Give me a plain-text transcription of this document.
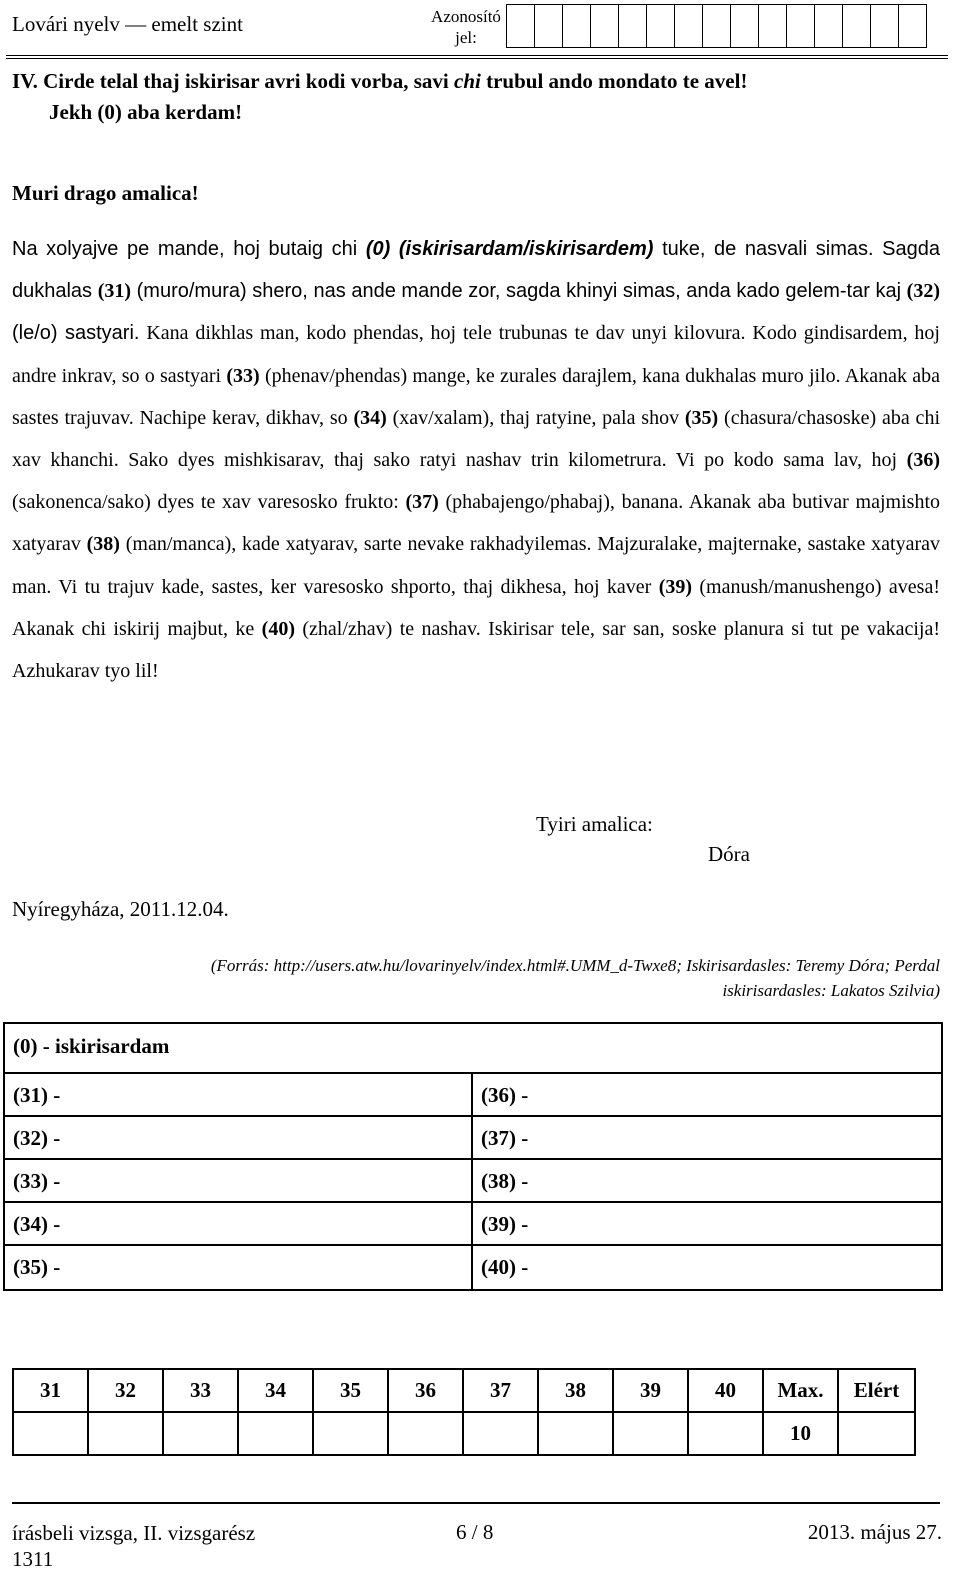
Lovári nyelv — emelt szint	Azonosító
jel:
IV. Cirde telal thaj iskirisar avri kodi vorba, savi chi trubul ando mondato te avel!
Jekh (0) aba kerdam!
Muri drago amalica!

Na xolyajve pe mande, hoj butaig chi (0) (iskirisardam/iskirisardem) tuke, de nasvali simas. Sagda dukhalas (31) (muro/mura) shero, nas ande mande zor, sagda khinyi simas, anda kado gelem-tar kaj (32) (le/o) sastyari. Kana dikhlas man, kodo phendas, hoj tele trubunas te dav unyi kilovura. Kodo gindisardem, hoj andre inkrav, so o sastyari (33) (phenav/phendas) mange, ke zurales darajlem, kana dukhalas muro jilo. Akanak aba sastes trajuvav. Nachipe kerav, dikhav, so (34) (xav/xalam), thaj ratyine, pala shov (35) (chasura/chasoske) aba chi xav khanchi. Sako dyes mishkisarav, thaj sako ratyi nashav trin kilometrura. Vi po kodo sama lav, hoj (36) (sakonenca/sako) dyes te xav varesosko frukto: (37) (phabajengo/phabaj), banana. Akanak aba butivar majmishto xatyarav (38) (man/manca), kade xatyarav, sarte nevake rakhadyilemas. Majzuralake, majternake, sastake xatyarav man. Vi tu trajuv kade, sastes, ker varesosko shporto, thaj dikhesa, hoj kaver (39) (manush/manushengo) avesa! Akanak chi iskirij majbut, ke (40) (zhal/zhav) te nashav. Iskirisar tele, sar san, soske planura si tut pe vakacija! Azhukarav tyo lil!

Tyiri amalica:
Dóra
Nyíregyháza, 2011.12.04.
(Forrás: http://users.atw.hu/lovarinyelv/index.html#.UMM_d-Twxe8; Iskirisardasles: Teremy Dóra; Perdal
iskirisardasles: Lakatos Szilvia)
(0) - iskirisardam
(31) -	(36) -
(32) -	(37) -
(33) -	(38) -
(34) -	(39) -
(35) -	(40) -
31	32	33	34	35	36	37	38	39	40	Max.	Elért
										10	
írásbeli vizsga, II. vizsgarész
1311
6 / 8	2013. május 27.
